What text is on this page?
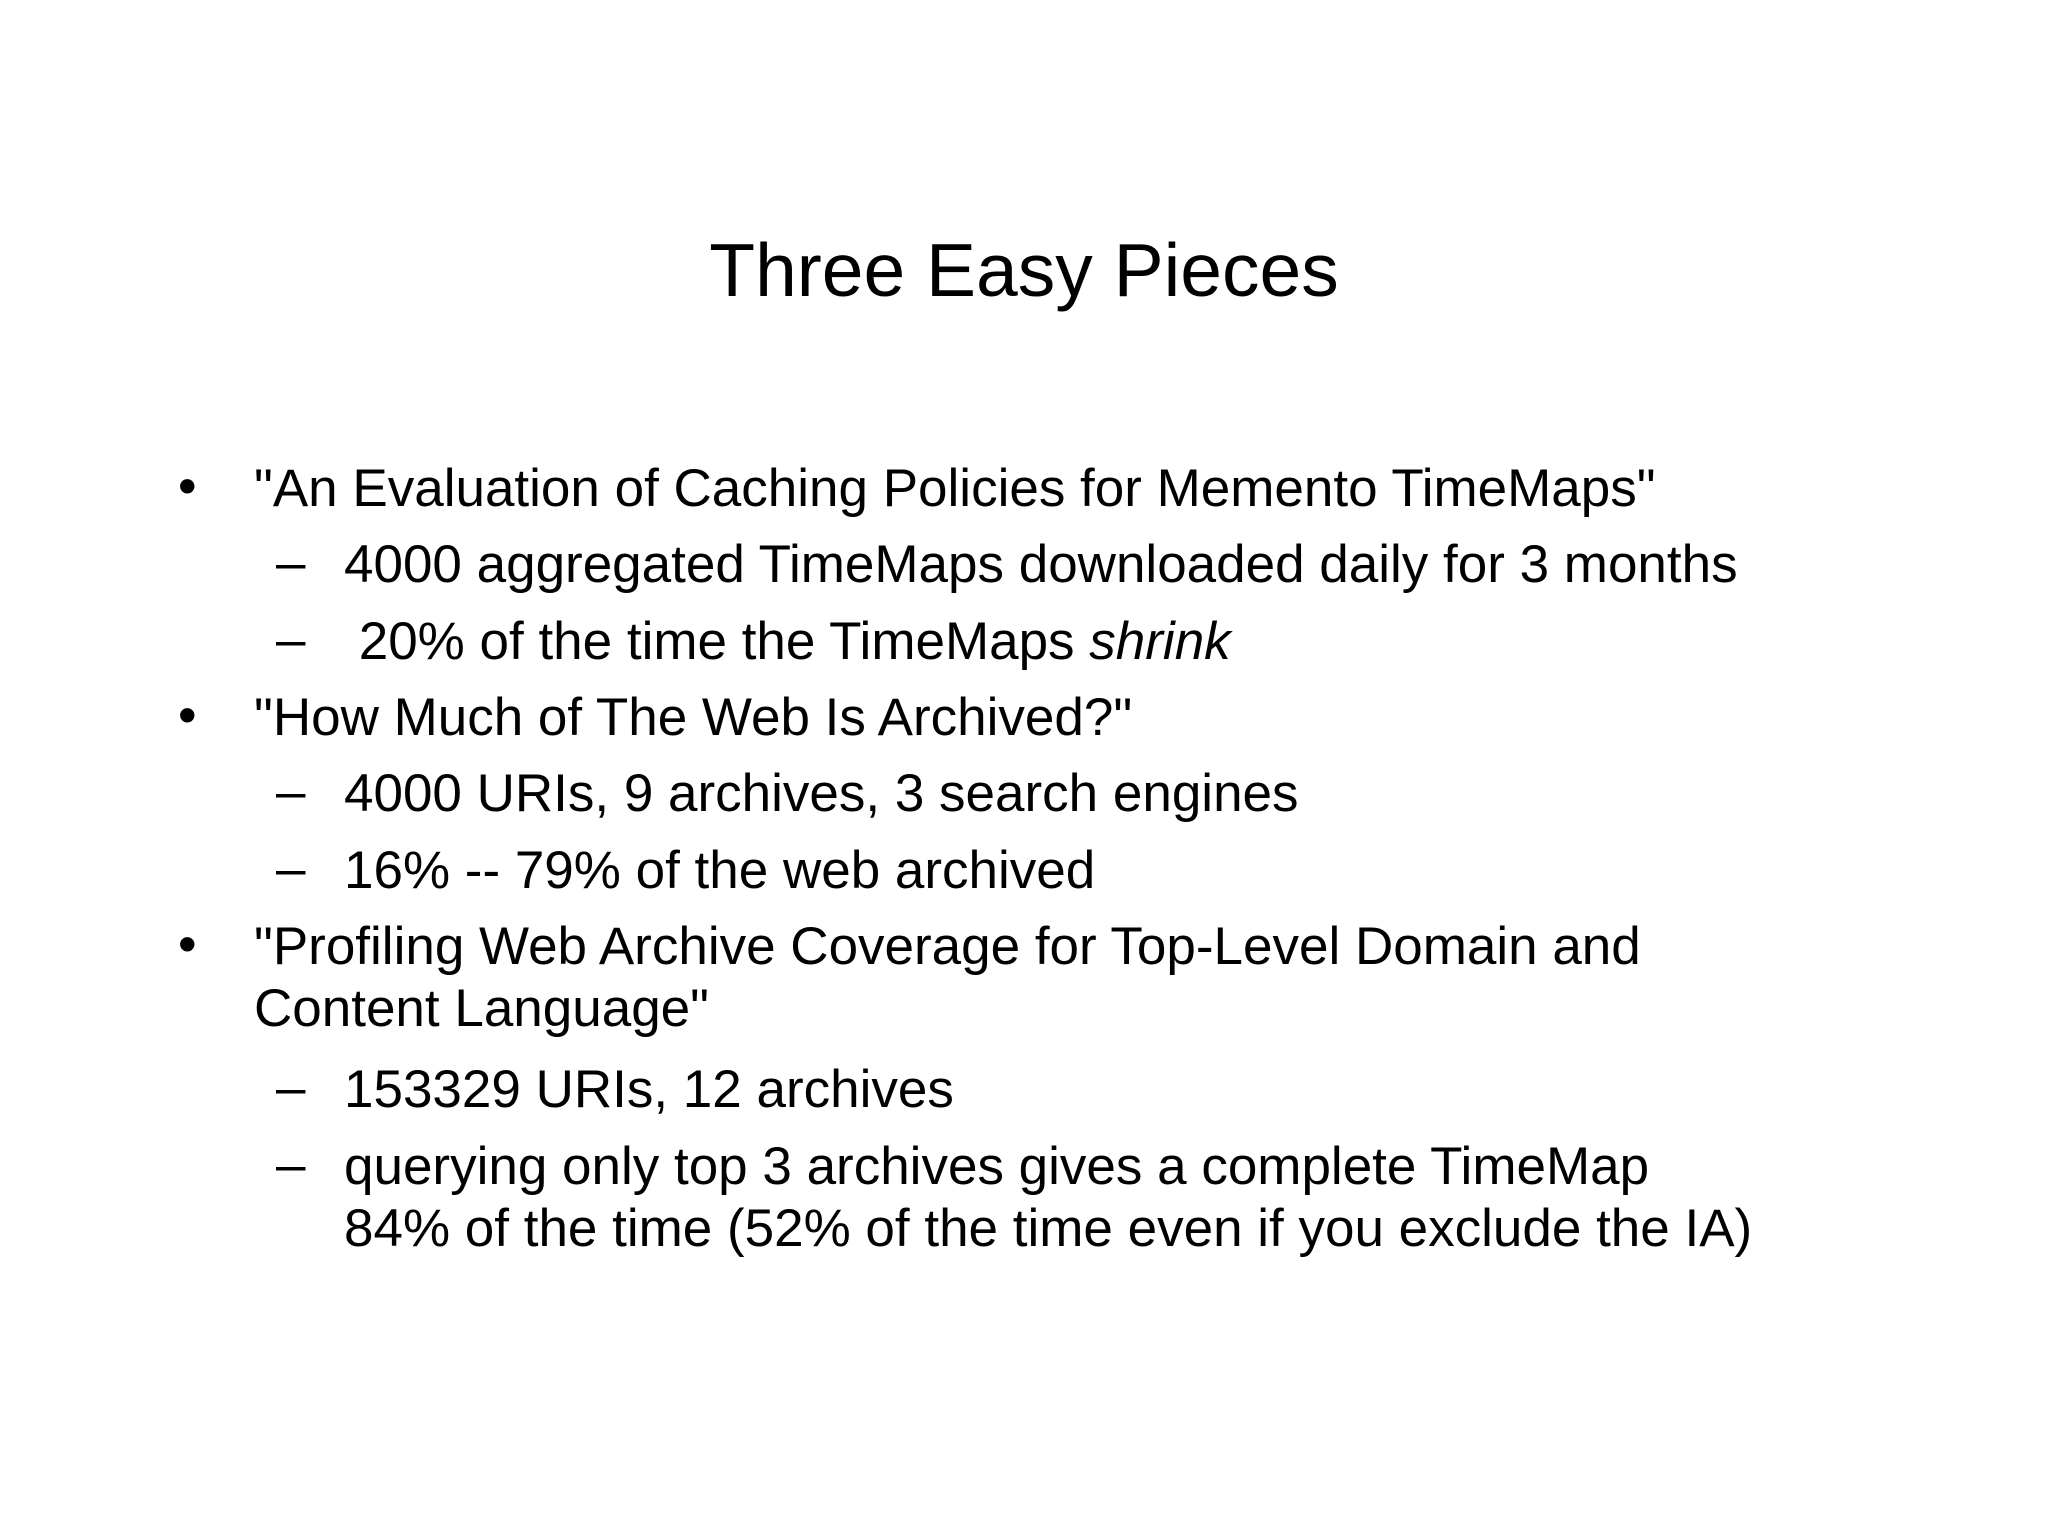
Three Easy Pieces
• "An Evaluation of Caching Policies for Memento TimeMaps"
– 4000 aggregated TimeMaps downloaded daily for 3 months
– 20% of the time the TimeMaps shrink
• "How Much of The Web Is Archived?"
– 4000 URIs, 9 archives, 3 search engines
– 16% -- 79% of the web archived
• "Profiling Web Archive Coverage for Top-Level Domain and
Content Language"
– 153329 URIs, 12 archives
– querying only top 3 archives gives a complete TimeMap
84% of the time (52% of the time even if you exclude the IA)
